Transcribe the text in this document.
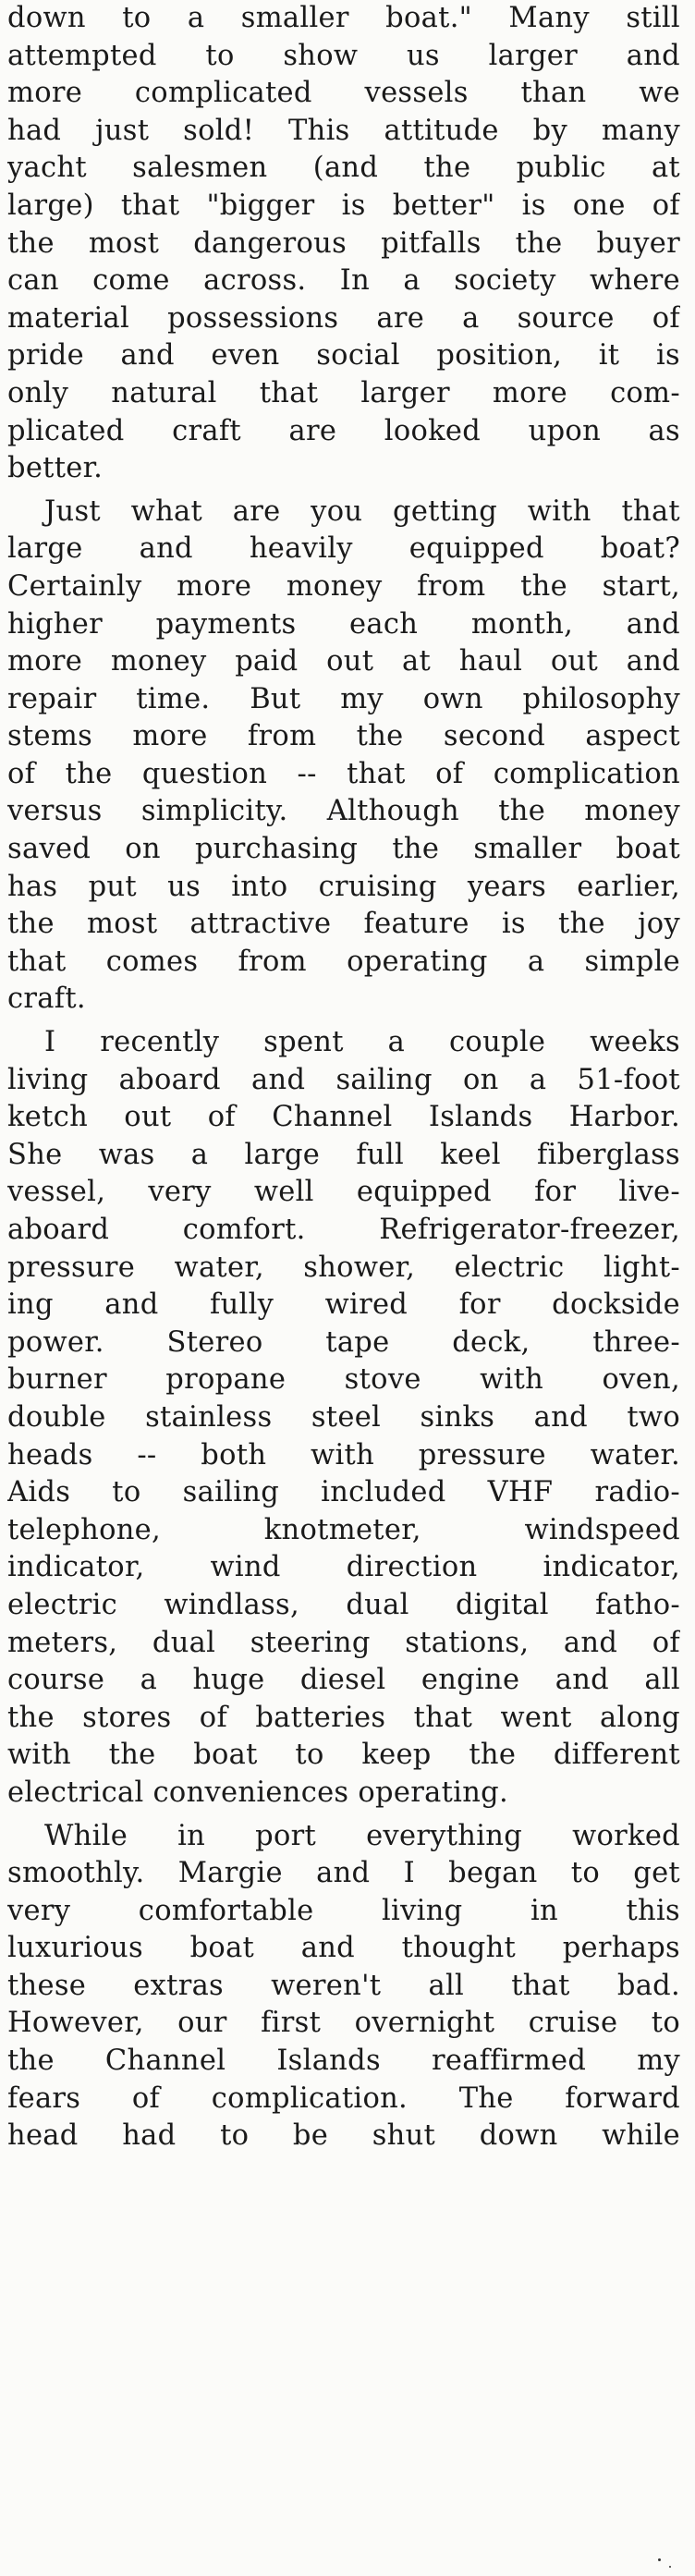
down to a smaller boat." Many still
attempted to show us larger and
more complicated vessels than we
had just sold! This attitude by many
yacht salesmen (and the public at
large) that "bigger is better" is one of
the most dangerous pitfalls the buyer
can come across. In a society where
material possessions are a source of
pride and even social position, it is
only natural that larger more com-
plicated craft are looked upon as
better.
Just what are you getting with that
large and heavily equipped boat?
Certainly more money from the start,
higher payments each month, and
more money paid out at haul out and
repair time. But my own philosophy
stems more from the second aspect
of the question -- that of complication
versus simplicity. Although the money
saved on purchasing the smaller boat
has put us into cruising years earlier,
the most attractive feature is the joy
that comes from operating a simple
craft.
I recently spent a couple weeks
living aboard and sailing on a 51-foot
ketch out of Channel Islands Harbor.
She was a large full keel fiberglass
vessel, very well equipped for live-
aboard comfort. Refrigerator-freezer,
pressure water, shower, electric light-
ing and fully wired for dockside
power. Stereo tape deck, three-
burner propane stove with oven,
double stainless steel sinks and two
heads -- both with pressure water.
Aids to sailing included VHF radio-
telephone, knotmeter, windspeed
indicator, wind direction indicator,
electric windlass, dual digital fatho-
meters, dual steering stations, and of
course a huge diesel engine and all
the stores of batteries that went along
with the boat to keep the different
electrical conveniences operating.
While in port everything worked
smoothly. Margie and I began to get
very comfortable living in this
luxurious boat and thought perhaps
these extras weren't all that bad.
However, our first overnight cruise to
the Channel Islands reaffirmed my
fears of complication. The forward
head had to be shut down while
